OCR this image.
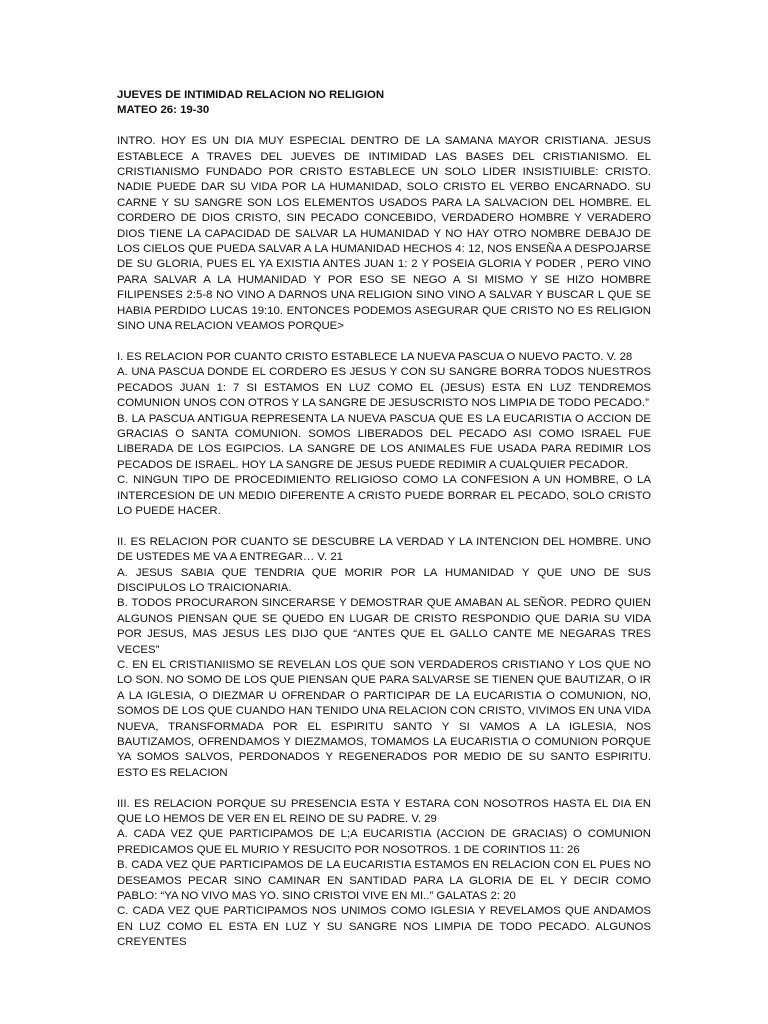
JUEVES DE INTIMIDAD RELACION NO RELIGION
MATEO 26: 19-30

INTRO. HOY ES UN DIA MUY ESPECIAL DENTRO DE LA SAMANA MAYOR CRISTIANA. JESUS ESTABLECE A TRAVES DEL JUEVES DE INTIMIDAD LAS BASES DEL CRISTIANISMO. EL CRISTIANISMO FUNDADO POR CRISTO ESTABLECE UN SOLO LIDER INSISTIUIBLE: CRISTO. NADIE PUEDE DAR SU VIDA POR LA HUMANIDAD, SOLO CRISTO EL VERBO ENCARNADO. SU CARNE Y SU SANGRE SON LOS ELEMENTOS USADOS PARA LA SALVACION DEL HOMBRE. EL CORDERO DE DIOS CRISTO, SIN PECADO CONCEBIDO, VERDADERO HOMBRE Y VERADERO DIOS TIENE LA CAPACIDAD DE SALVAR LA HUMANIDAD Y NO HAY OTRO NOMBRE DEBAJO DE LOS CIELOS QUE PUEDA SALVAR A LA HUMANIDAD HECHOS 4: 12, NOS ENSEÑA A DESPOJARSE DE SU GLORIA, PUES EL YA EXISTIA ANTES JUAN 1: 2 Y POSEIA GLORIA Y PODER , PERO VINO PARA SALVAR A LA HUMANIDAD Y POR ESO SE NEGO A SI MISMO Y SE HIZO HOMBRE FILIPENSES 2:5-8 NO VINO A DARNOS UNA RELIGION SINO VINO A SALVAR Y BUSCAR L QUE SE HABIA PERDIDO LUCAS 19:10. ENTONCES PODEMOS ASEGURAR QUE CRISTO NO ES RELIGION SINO UNA RELACION VEAMOS PORQUE>

I. ES RELACION POR CUANTO CRISTO ESTABLECE LA NUEVA PASCUA O NUEVO PACTO. V. 28

A. UNA PASCUA DONDE EL CORDERO ES JESUS Y CON SU SANGRE BORRA TODOS NUESTROS PECADOS JUAN 1: 7 SI ESTAMOS EN LUZ COMO EL (JESUS) ESTA EN LUZ TENDREMOS COMUNION UNOS CON OTROS Y LA SANGRE DE JESUSCRISTO NOS LIMPIA DE TODO PECADO.”

B. LA PASCUA ANTIGUA REPRESENTA LA NUEVA PASCUA QUE ES LA EUCARISTIA O ACCION DE GRACIAS O SANTA COMUNION. SOMOS LIBERADOS DEL PECADO ASI COMO ISRAEL FUE LIBERADA DE LOS EGIPCIOS. LA SANGRE DE LOS ANIMALES FUE USADA PARA REDIMIR LOS PECADOS DE ISRAEL. HOY LA SANGRE DE JESUS PUEDE REDIMIR A CUALQUIER PECADOR.

C. NINGUN TIPO DE PROCEDIMIENTO RELIGIOSO COMO LA CONFESION A UN HOMBRE, O LA INTERCESION DE UN MEDIO DIFERENTE A CRISTO PUEDE BORRAR EL PECADO, SOLO CRISTO LO PUEDE HACER.

II. ES RELACION POR CUANTO SE DESCUBRE LA VERDAD Y LA INTENCION DEL HOMBRE. UNO DE USTEDES ME VA A ENTREGAR… V. 21

A. JESUS SABIA QUE TENDRIA QUE MORIR POR LA HUMANIDAD Y QUE UNO DE SUS DISCIPULOS LO TRAICIONARIA.

B. TODOS PROCURARON SINCERARSE Y DEMOSTRAR QUE AMABAN AL SEÑOR. PEDRO QUIEN ALGUNOS PIENSAN QUE SE QUEDO EN LUGAR DE CRISTO RESPONDIO QUE DARIA SU VIDA POR JESUS, MAS JESUS LES DIJO QUE “ANTES QUE EL GALLO CANTE ME NEGARAS TRES VECES”

C. EN EL CRISTIANIISMO SE REVELAN LOS QUE SON VERDADEROS CRISTIANO Y LOS QUE NO LO SON. NO SOMO DE LOS QUE PIENSAN QUE PARA SALVARSE SE TIENEN QUE BAUTIZAR, O IR A LA IGLESIA, O DIEZMAR U OFRENDAR O PARTICIPAR DE LA EUCARISTIA O COMUNION, NO, SOMOS DE LOS QUE CUANDO HAN TENIDO UNA RELACION CON CRISTO, VIVIMOS EN UNA VIDA NUEVA, TRANSFORMADA POR EL ESPIRITU SANTO Y SI VAMOS A LA IGLESIA, NOS BAUTIZAMOS, OFRENDAMOS Y DIEZMAMOS, TOMAMOS LA EUCARISTIA O COMUNION PORQUE YA SOMOS SALVOS, PERDONADOS Y REGENERADOS POR MEDIO DE SU SANTO ESPIRITU. ESTO ES RELACION

III. ES RELACION PORQUE SU PRESENCIA ESTA Y ESTARA CON NOSOTROS HASTA EL DIA EN QUE LO HEMOS DE VER EN EL REINO DE SU PADRE. V. 29

A. CADA VEZ QUE PARTICIPAMOS DE L;A EUCARISTIA (ACCION DE GRACIAS) O COMUNION PREDICAMOS QUE EL MURIO Y RESUCITO POR NOSOTROS. 1 DE CORINTIOS 11: 26

B. CADA VEZ QUE PARTICIPAMOS DE LA EUCARISTIA ESTAMOS EN RELACION CON EL PUES NO DESEAMOS PECAR SINO CAMINAR EN SANTIDAD PARA LA GLORIA DE EL Y DECIR COMO PABLO: “YA NO VIVO MAS YO. SINO CRISTOI VIVE EN MI..” GALATAS 2: 20

C. CADA VEZ QUE PARTICIPAMOS NOS UNIMOS COMO IGLESIA Y REVELAMOS QUE ANDAMOS EN LUZ COMO EL ESTA EN LUZ Y SU SANGRE NOS LIMPIA DE TODO PECADO. ALGUNOS CREYENTES
